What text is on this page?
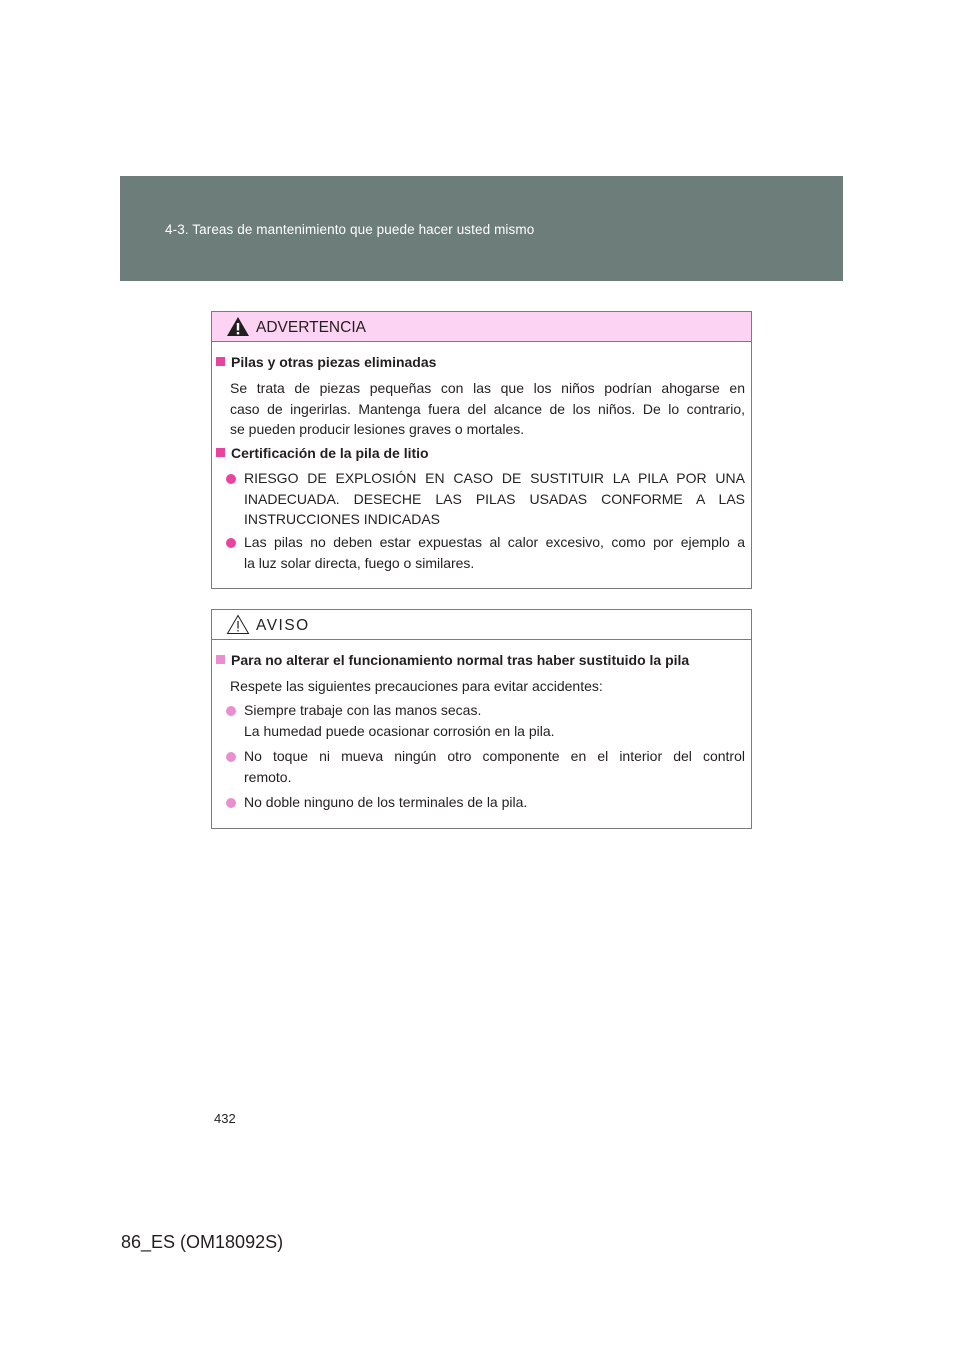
4-3. Tareas de mantenimiento que puede hacer usted mismo
ADVERTENCIA
Pilas y otras piezas eliminadas
Se trata de piezas pequeñas con las que los niños podrían ahogarse en
caso de ingerirlas. Mantenga fuera del alcance de los niños. De lo contrario,
se pueden producir lesiones graves o mortales.
Certificación de la pila de litio
RIESGO DE EXPLOSIÓN EN CASO DE SUSTITUIR LA PILA POR UNA
INADECUADA. DESECHE LAS PILAS USADAS CONFORME A LAS
INSTRUCCIONES INDICADAS
Las pilas no deben estar expuestas al calor excesivo, como por ejemplo a
la luz solar directa, fuego o similares.
AVISO
Para no alterar el funcionamiento normal tras haber sustituido la pila
Respete las siguientes precauciones para evitar accidentes:
Siempre trabaje con las manos secas.
La humedad puede ocasionar corrosión en la pila.
No toque ni mueva ningún otro componente en el interior del control
remoto.
No doble ninguno de los terminales de la pila.
432
86_ES (OM18092S)
